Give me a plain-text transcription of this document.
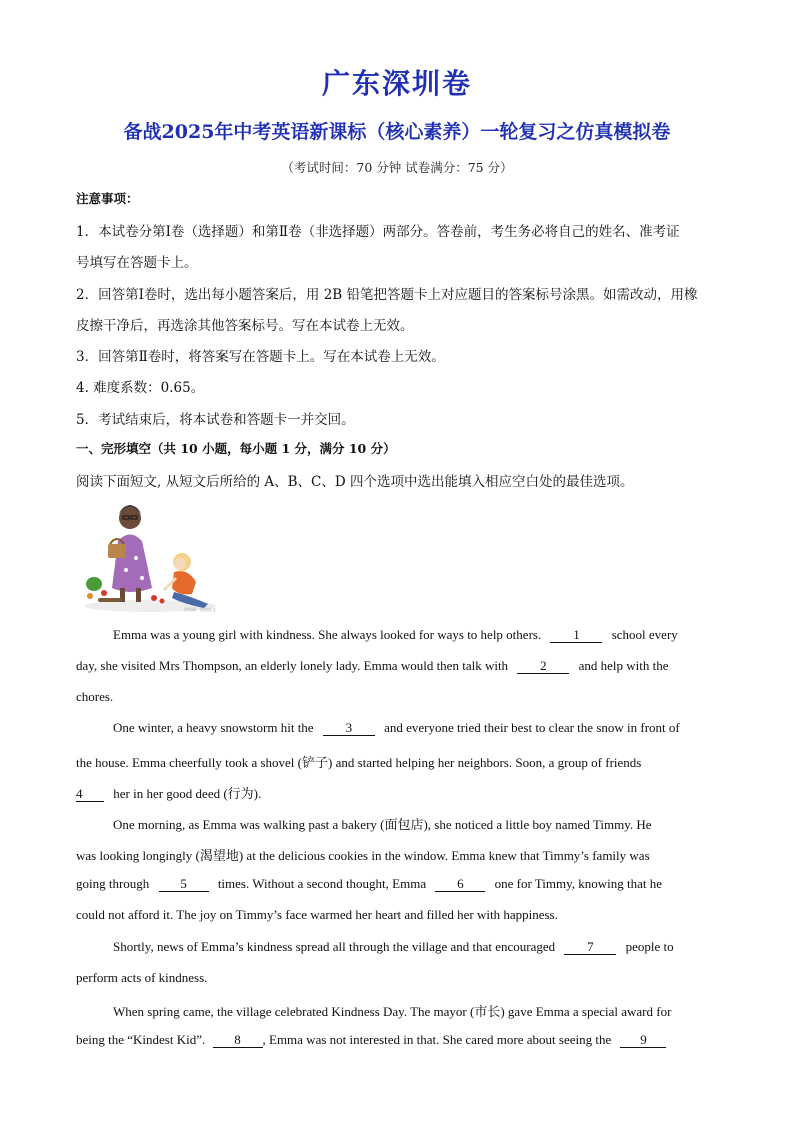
广东深圳卷
备战2025年中考英语新课标（核心素养）一轮复习之仿真模拟卷
（考试时间：70 分钟 试卷满分：75 分）
注意事项：
1．本试卷分第Ⅰ卷（选择题）和第Ⅱ卷（非选择题）两部分。答卷前，考生务必将自己的姓名、准考证
号填写在答题卡上。
2．回答第Ⅰ卷时，选出每小题答案后，用 2B 铅笔把答题卡上对应题目的答案标号涂黑。如需改动，用橡
皮擦干净后，再选涂其他答案标号。写在本试卷上无效。
3．回答第Ⅱ卷时，将答案写在答题卡上。写在本试卷上无效。
4. 难度系数：0.65。
5．考试结束后，将本试卷和答题卡一并交回。
一、完形填空（共 10 小题，每小题 1 分，满分 10 分）
阅读下面短文, 从短文后所给的 A、B、C、D 四个选项中选出能填入相应空白处的最佳选项。
学科网 · 原创图文
Emma was a young girl with kindness. She always looked for ways to help others. 1 school every
day, she visited Mrs Thompson, an elderly lonely lady. Emma would then talk with 2 and help with the
chores.
One winter, a heavy snowstorm hit the 3 and everyone tried their best to clear the snow in front of
the house. Emma cheerfully took a shovel (铲子) and started helping her neighbors. Soon, a group of friends
4 her in her good deed (行为).
One morning, as Emma was walking past a bakery (面包店), she noticed a little boy named Timmy. He
was looking longingly (渴望地) at the delicious cookies in the window. Emma knew that Timmy’s family was
going through 5 times. Without a second thought, Emma 6 one for Timmy, knowing that he
could not afford it. The joy on Timmy’s face warmed her heart and filled her with happiness.
Shortly, news of Emma’s kindness spread all through the village and that encouraged 7 people to
perform acts of kindness.
When spring came, the village celebrated Kindness Day. The mayor (市长) gave Emma a special award for
being the “Kindest Kid”. 8 , Emma was not interested in that. She cared more about seeing the 9
